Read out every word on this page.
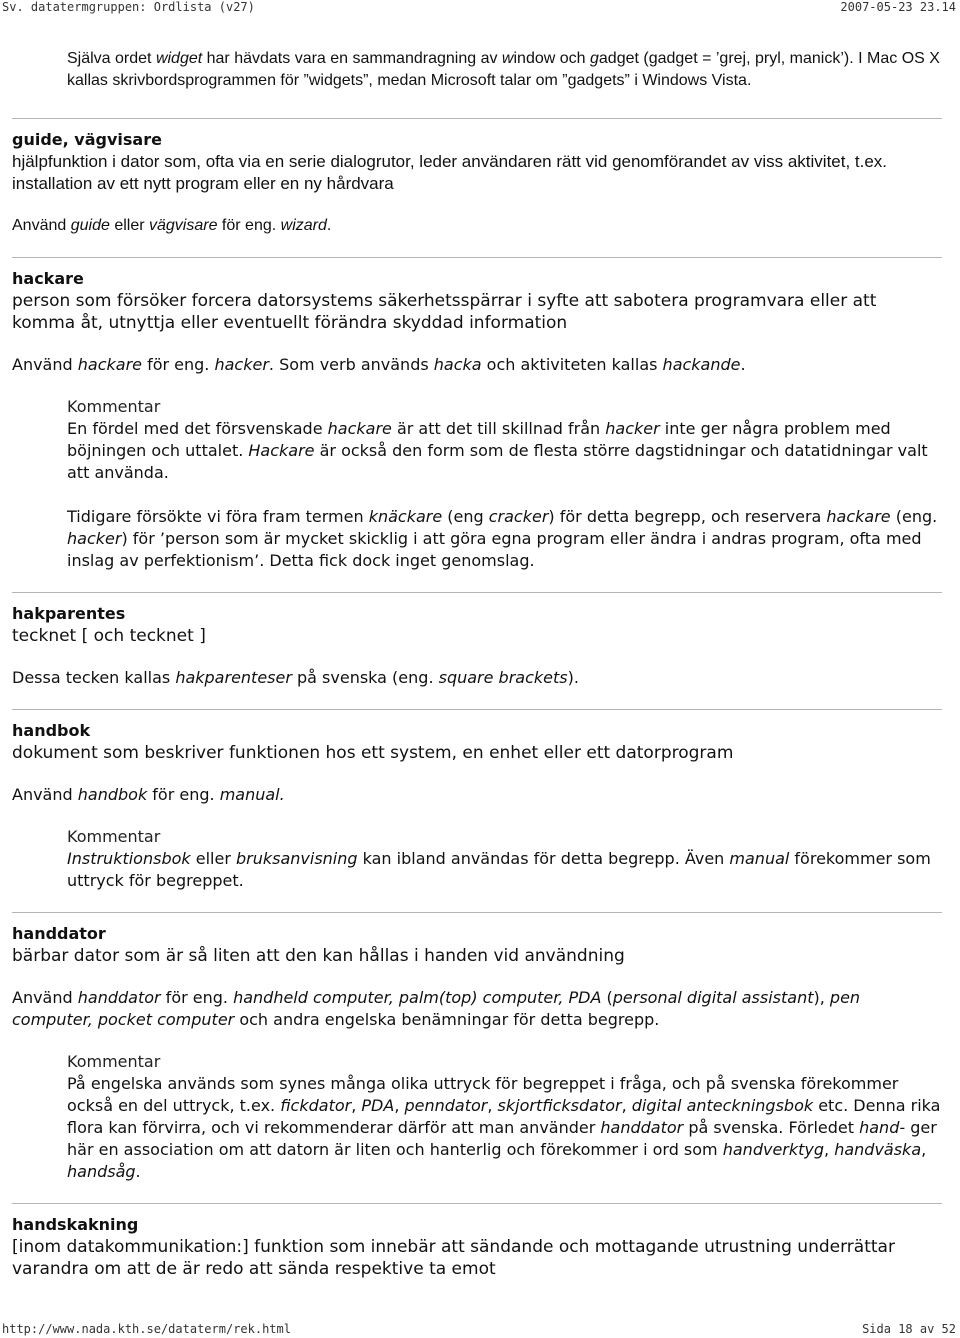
Sv. datatermgruppen: Ordlista (v27)	2007-05-23 23.14

Själva ordet widget har hävdats vara en sammandragning av window och gadget (gadget = ’grej, pryl, manick’). I Mac OS X kallas skrivbordsprogrammen för ”widgets”, medan Microsoft talar om ”gadgets” i Windows Vista.

guide, vägvisare

hjälpfunktion i dator som, ofta via en serie dialogrutor, leder användaren rätt vid genomförandet av viss aktivitet, t.ex. installation av ett nytt program eller en ny hårdvara

Använd guide eller vägvisare för eng. wizard.

hackare

person som försöker forcera datorsystems säkerhetsspärrar i syfte att sabotera programvara eller att komma åt, utnyttja eller eventuellt förändra skyddad information

Använd hackare för eng. hacker. Som verb används hacka och aktiviteten kallas hackande.

Kommentar

En fördel med det försvenskade hackare är att det till skillnad från hacker inte ger några problem med böjningen och uttalet. Hackare är också den form som de flesta större dagstidningar och datatidningar valt att använda.

Tidigare försökte vi föra fram termen knäckare (eng cracker) för detta begrepp, och reservera hackare (eng. hacker) för ’person som är mycket skicklig i att göra egna program eller ändra i andras program, ofta med inslag av perfektionism’. Detta fick dock inget genomslag.

hakparentes

tecknet [ och tecknet ]

Dessa tecken kallas hakparenteser på svenska (eng. square brackets).

handbok

dokument som beskriver funktionen hos ett system, en enhet eller ett datorprogram

Använd handbok för eng. manual.

Kommentar

Instruktionsbok eller bruksanvisning kan ibland användas för detta begrepp. Även manual förekommer som uttryck för begreppet.

handdator

bärbar dator som är så liten att den kan hållas i handen vid användning

Använd handdator för eng. handheld computer, palm(top) computer, PDA (personal digital assistant), pen computer, pocket computer och andra engelska benämningar för detta begrepp.

Kommentar

På engelska används som synes många olika uttryck för begreppet i fråga, och på svenska förekommer också en del uttryck, t.ex. fickdator, PDA, penndator, skjortficksdator, digital anteckningsbok etc. Denna rika flora kan förvirra, och vi rekommenderar därför att man använder handdator på svenska. Förledet hand- ger här en association om att datorn är liten och hanterlig och förekommer i ord som handverktyg, handväska, handsåg.

handskakning

[inom datakommunikation:] funktion som innebär att sändande och mottagande utrustning underrättar varandra om att de är redo att sända respektive ta emot

http://www.nada.kth.se/dataterm/rek.html	Sida 18 av 52
